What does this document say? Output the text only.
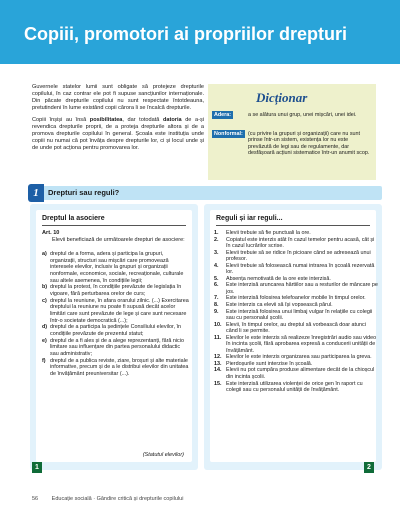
Copiii, promotori ai propriilor drepturi

Guvernele statelor lumii sunt obligate să protejeze drepturile copilului, în caz contrar ele pot fi supuse sancțiunilor internaționale. Din păcate drepturile copilului nu sunt respectate întotdeauna, pretutindeni în lume existând copii cărora li se încalcă drepturile.

Copiii înșiși au însă posibilitatea, dar totodată datoria de a-și revendica drepturile proprii, de a proteja drepturile altora și de a promova drepturile copilului în general. Școala este instituția unde copiii nu numai că pot învăța despre drepturile lor, ci și locul unde și de unde pot acționa pentru promovarea lor.

Dicționar
Adera:	a se alătura unui grup, unei mișcări, unei idei.
Nonformal: (cu privire la grupuri și organizații) care nu sunt prinse într-un sistem, existența lor nu este prevăzută de legi sau de regulamente, dar desfășoară acțiuni sistematice într-un anumit scop.
1	Drepturi sau reguli?
Dreptul la asociere
Art. 10
Elevii beneficiază de următoarele drepturi de asociere:

a) dreptul de a forma, adera și participa la grupuri, organizații, structuri sau mișcări care promovează interesele elevilor, inclusiv la grupuri și organizații nonformale, economice, sociale, recreaționale, culturale sau altele asemenea, în condițiile legii;

b) dreptul la protest, în condițiile prevăzute de legislația în vigoare, fără perturbarea orelor de curs;

c) dreptul la reuniune, în afara orarului zilnic. (...) Exercitarea dreptului la reuniune nu poate fi supusă decât acelor limitări care sunt prevăzute de lege și care sunt necesare într-o societate democratică (...);

d) dreptul de a participa la ședințele Consiliului elevilor, în condițiile prevăzute de prezentul statut;

e) dreptul de a fi ales și de a alege reprezentanți, fără nicio limitare sau influențare din partea personalului didactic sau administrativ;

f) dreptul de a publica reviste, ziare, broșuri și alte materiale informative, precum și de a le distribui elevilor din unitatea de învățământ preuniversitar (...).

(Statutul elevilor)
Reguli și iar reguli...

1. Elevii trebuie să fie punctuali la ore.

2. Copiatul este interzis atât în cazul temelor pentru acasă, cât și în cazul lucrărilor scrise.

3. Elevii trebuie să se ridice în picioare când se adresează unui profesor.

4. Elevii trebuie să folosească numai intrarea în școală rezervată lor.

5. Absența nemotivată de la ore este interzisă.

6. Este interzisă aruncarea hârtiilor sau a resturilor de mâncare pe jos.

7. Este interzisă folosirea telefoanelor mobile în timpul orelor.

8. Este interzis ca elevii să își vopsească părul.

9. Este interzisă folosirea unui limbaj vulgar în relațiile cu colegii sau cu personalul școlii.

10. Elevii, în timpul orelor, au dreptul să vorbească doar atunci când li se permite.

11. Elevilor le este interzis să realizeze înregistrări audio sau video în incinta școlii, fără aprobarea expresă a conducerii unității de învățământ.

12. Elevilor le este interzis organizarea sau participarea la greva.

13. Pierdoșurile sunt interzise în școală.

14. Elevii nu pot cumpăra produse alimentare decât de la chioșcul din incinta școlii.

15. Este interzisă utilizarea violenței de orice gen în raport cu colegii sau cu personalul unității de învățământ.

1	2
56 Educație socială · Gândire critică și drepturile copilului
